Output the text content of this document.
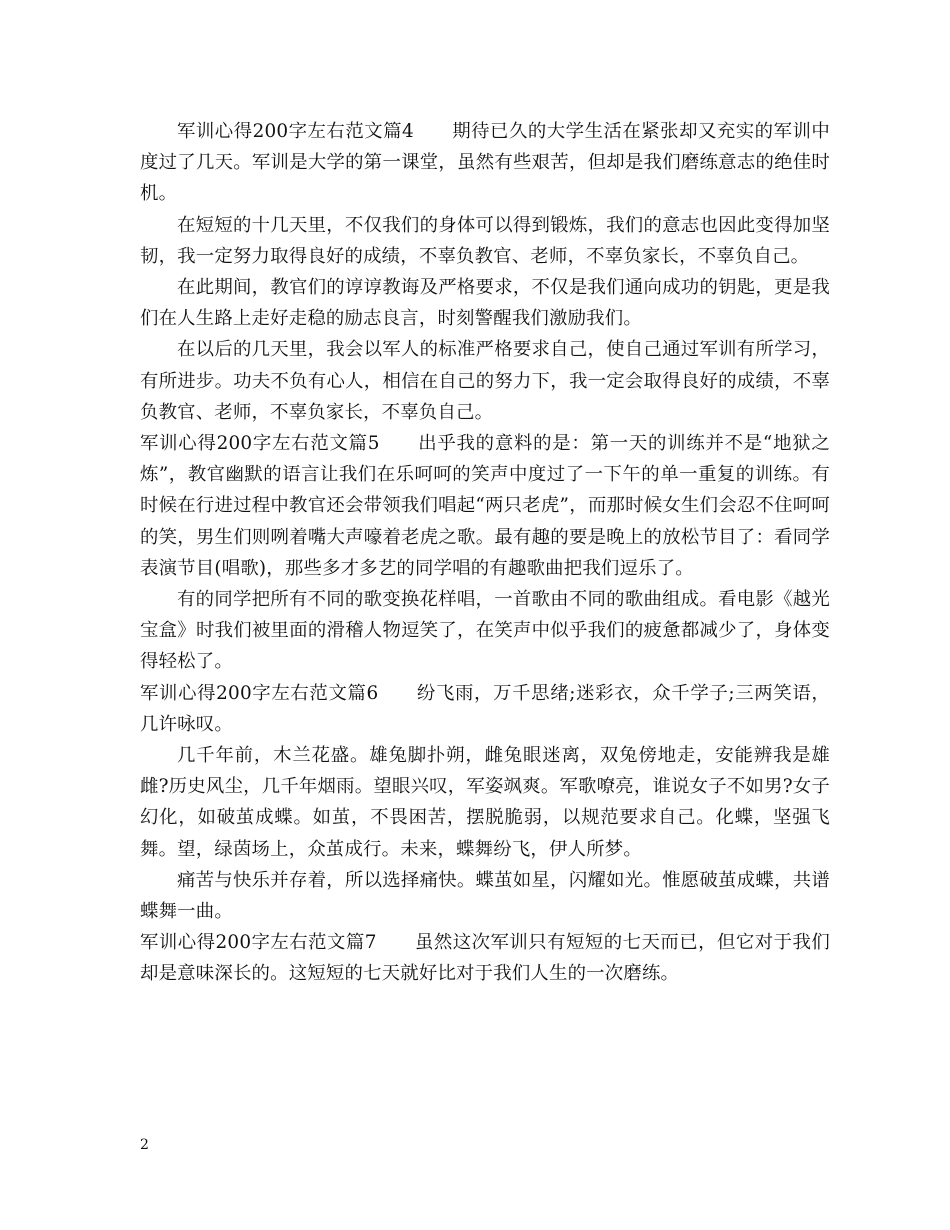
军训心得200字左右范文篇4 期待已久的大学生活在紧张却又充实的军训中度过了几天。军训是大学的第一课堂，虽然有些艰苦，但却是我们磨练意志的绝佳时机。

在短短的十几天里，不仅我们的身体可以得到锻炼，我们的意志也因此变得加坚韧，我一定努力取得良好的成绩，不辜负教官、老师，不辜负家长，不辜负自己。

在此期间，教官们的谆谆教诲及严格要求，不仅是我们通向成功的钥匙，更是我们在人生路上走好走稳的励志良言，时刻警醒我们激励我们。

在以后的几天里，我会以军人的标准严格要求自己，使自己通过军训有所学习，有所进步。功夫不负有心人，相信在自己的努力下，我一定会取得良好的成绩，不辜负教官、老师，不辜负家长，不辜负自己。

军训心得200字左右范文篇5 出乎我的意料的是：第一天的训练并不是“地狱之炼”，教官幽默的语言让我们在乐呵呵的笑声中度过了一下午的单一重复的训练。有时候在行进过程中教官还会带领我们唱起“两只老虎”，而那时候女生们会忍不住呵呵的笑，男生们则咧着嘴大声嚎着老虎之歌。最有趣的要是晚上的放松节目了：看同学表演节目(唱歌)，那些多才多艺的同学唱的有趣歌曲把我们逗乐了。

有的同学把所有不同的歌变换花样唱，一首歌由不同的歌曲组成。看电影《越光宝盒》时我们被里面的滑稽人物逗笑了，在笑声中似乎我们的疲惫都减少了，身体变得轻松了。

军训心得200字左右范文篇6 纷飞雨，万千思绪;迷彩衣，众千学子;三两笑语，几许咏叹。

几千年前，木兰花盛。雄兔脚扑朔，雌兔眼迷离，双兔傍地走，安能辨我是雄雌?历史风尘，几千年烟雨。望眼兴叹，军姿飒爽。军歌嘹亮，谁说女子不如男?女子幻化，如破茧成蝶。如茧，不畏困苦，摆脱脆弱，以规范要求自己。化蝶，坚强飞舞。望，绿茵场上，众茧成行。未来，蝶舞纷飞，伊人所梦。

痛苦与快乐并存着，所以选择痛快。蝶茧如星，闪耀如光。惟愿破茧成蝶，共谱蝶舞一曲。

军训心得200字左右范文篇7 虽然这次军训只有短短的七天而已，但它对于我们却是意味深长的。这短短的七天就好比对于我们人生的一次磨练。

2
